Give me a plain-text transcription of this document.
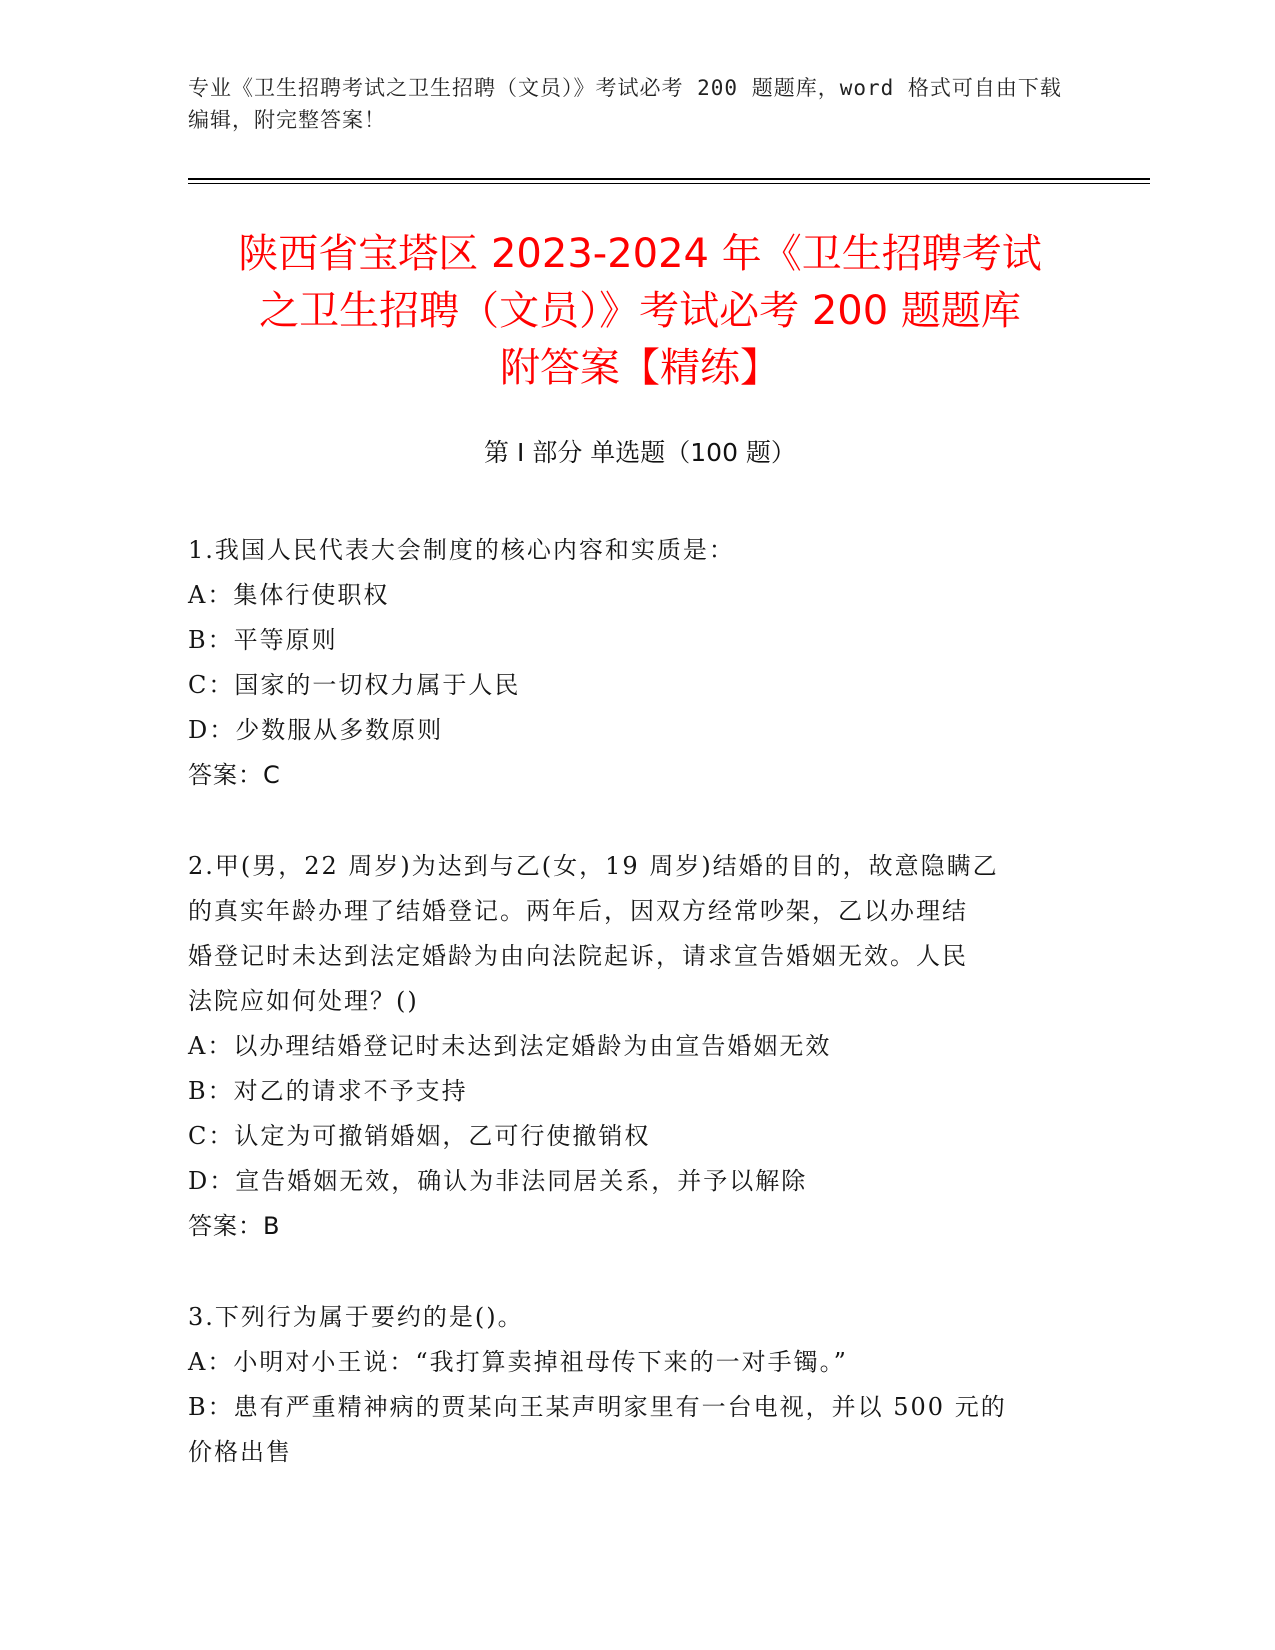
专业《卫生招聘考试之卫生招聘（文员）》考试必考 200 题题库，word 格式可自由下载编辑，附完整答案！
陕西省宝塔区 2023-2024 年《卫生招聘考试
之卫生招聘（文员）》考试必考 200 题题库
附答案【精练】
第 I 部分 单选题（100 题）
1.我国人民代表大会制度的核心内容和实质是：
A：集体行使职权
B：平等原则
C：国家的一切权力属于人民
D：少数服从多数原则
答案：C
2.甲(男，22 周岁)为达到与乙(女，19 周岁)结婚的目的，故意隐瞒乙
的真实年龄办理了结婚登记。两年后，因双方经常吵架，乙以办理结
婚登记时未达到法定婚龄为由向法院起诉，请求宣告婚姻无效。人民
法院应如何处理？()
A：以办理结婚登记时未达到法定婚龄为由宣告婚姻无效
B：对乙的请求不予支持
C：认定为可撤销婚姻，乙可行使撤销权
D：宣告婚姻无效，确认为非法同居关系，并予以解除
答案：B
3.下列行为属于要约的是()。
A：小明对小王说：“我打算卖掉祖母传下来的一对手镯。”
B：患有严重精神病的贾某向王某声明家里有一台电视，并以 500 元的
价格出售
